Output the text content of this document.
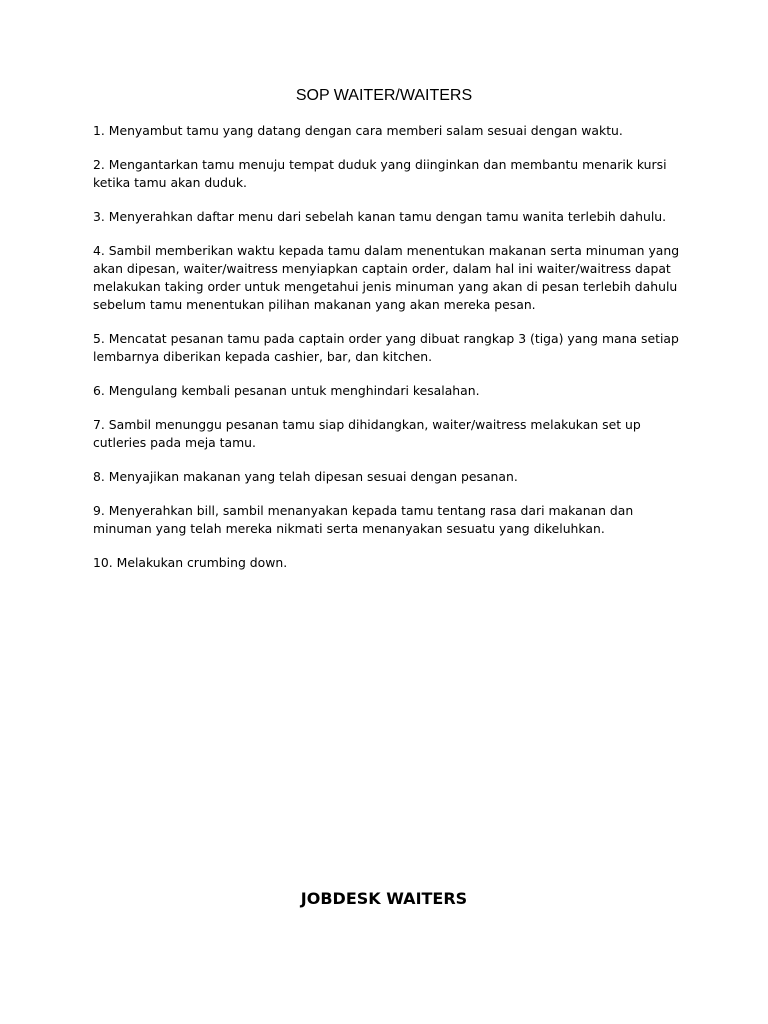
SOP WAITER/WAITERS
1. Menyambut tamu yang datang dengan cara memberi salam sesuai dengan waktu.
2. Mengantarkan tamu menuju tempat duduk yang diinginkan dan membantu menarik kursi ketika tamu akan duduk.
3. Menyerahkan daftar menu dari sebelah kanan tamu dengan tamu wanita terlebih dahulu.
4. Sambil memberikan waktu kepada tamu dalam menentukan makanan serta minuman yang akan dipesan, waiter/waitress menyiapkan captain order, dalam hal ini waiter/waitress dapat melakukan taking order untuk mengetahui jenis minuman yang akan di pesan terlebih dahulu sebelum tamu menentukan pilihan makanan yang akan mereka pesan.
5. Mencatat pesanan tamu pada captain order yang dibuat rangkap 3 (tiga) yang mana setiap lembarnya diberikan kepada cashier, bar, dan kitchen.
6. Mengulang kembali pesanan untuk menghindari kesalahan.
7. Sambil menunggu pesanan tamu siap dihidangkan, waiter/waitress melakukan set up cutleries pada meja tamu.
8. Menyajikan makanan yang telah dipesan sesuai dengan pesanan.
9. Menyerahkan bill, sambil menanyakan kepada tamu tentang rasa dari makanan dan minuman yang telah mereka nikmati serta menanyakan sesuatu yang dikeluhkan.
10. Melakukan crumbing down.
JOBDESK WAITERS
